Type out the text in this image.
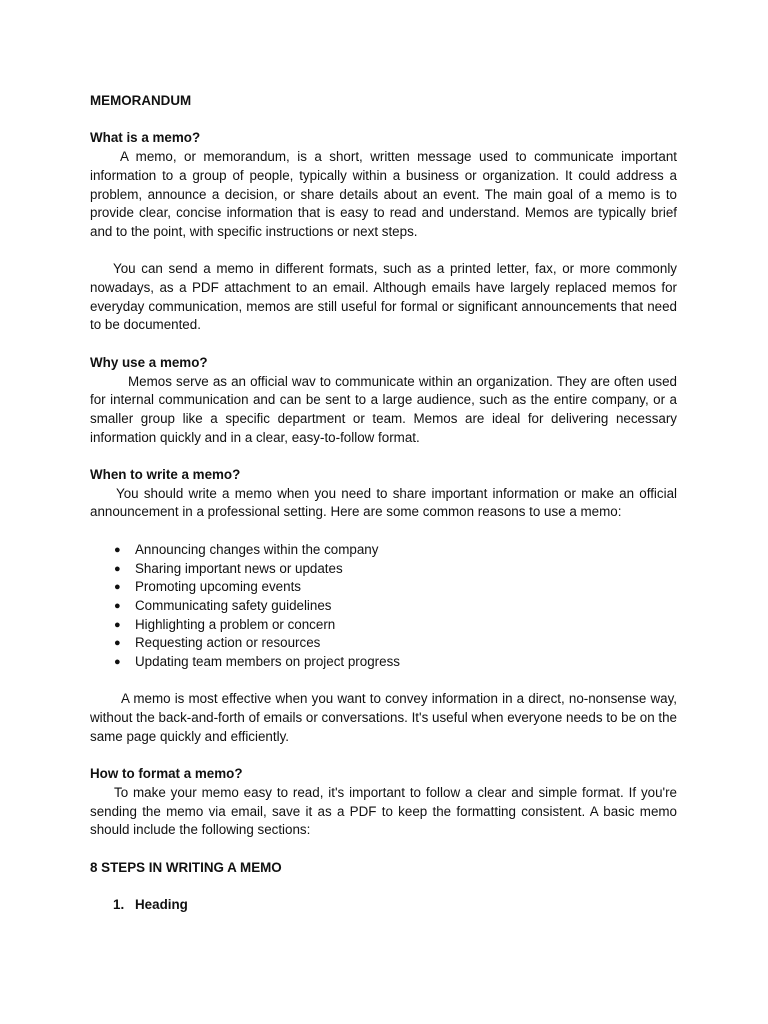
MEMORANDUM

What is a memo?

A memo, or memorandum, is a short, written message used to communicate important information to a group of people, typically within a business or organization. It could address a problem, announce a decision, or share details about an event. The main goal of a memo is to provide clear, concise information that is easy to read and understand. Memos are typically brief and to the point, with specific instructions or next steps.

You can send a memo in different formats, such as a printed letter, fax, or more commonly nowadays, as a PDF attachment to an email. Although emails have largely replaced memos for everyday communication, memos are still useful for formal or significant announcements that need to be documented.

Why use a memo?

Memos serve as an official wav to communicate within an organization. They are often used for internal communication and can be sent to a large audience, such as the entire company, or a smaller group like a specific department or team. Memos are ideal for delivering necessary information quickly and in a clear, easy-to-follow format.

When to write a memo?

You should write a memo when you need to share important information or make an official announcement in a professional setting. Here are some common reasons to use a memo:

● Announcing changes within the company
● Sharing important news or updates
● Promoting upcoming events
● Communicating safety guidelines
● Highlighting a problem or concern
● Requesting action or resources
● Updating team members on project progress

A memo is most effective when you want to convey information in a direct, no-nonsense way, without the back-and-forth of emails or conversations. It's useful when everyone needs to be on the same page quickly and efficiently.

How to format a memo?

To make your memo easy to read, it's important to follow a clear and simple format. If you're sending the memo via email, save it as a PDF to keep the formatting consistent. A basic memo should include the following sections:

8 STEPS IN WRITING A MEMO

1. Heading
